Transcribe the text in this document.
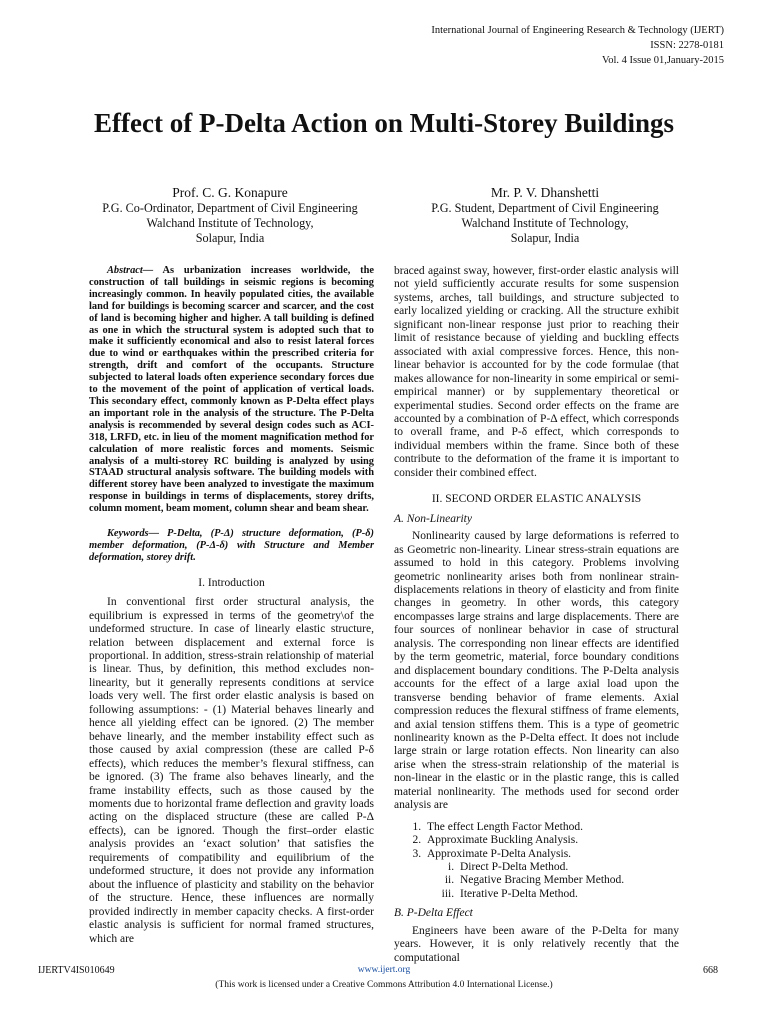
International Journal of Engineering Research & Technology (IJERT)
ISSN: 2278-0181
Vol. 4 Issue 01,January-2015
Effect of P-Delta Action on Multi-Storey Buildings
Prof. C. G. Konapure
P.G. Co-Ordinator, Department of Civil Engineering
Walchand Institute of Technology,
Solapur, India
Mr. P. V. Dhanshetti
P.G. Student, Department of Civil Engineering
Walchand Institute of Technology,
Solapur, India

Abstract— As urbanization increases worldwide, the construction of tall buildings in seismic regions is becoming increasingly common. In heavily populated cities, the available land for buildings is becoming scarcer and scarcer, and the cost of land is becoming higher and higher. A tall building is defined as one in which the structural system is adopted such that to make it sufficiently economical and also to resist lateral forces due to wind or earthquakes within the prescribed criteria for strength, drift and comfort of the occupants. Structure subjected to lateral loads often experience secondary forces due to the movement of the point of application of vertical loads. This secondary effect, commonly known as P-Delta effect plays an important role in the analysis of the structure. The P-Delta analysis is recommended by several design codes such as ACI-318, LRFD, etc. in lieu of the moment magnification method for calculation of more realistic forces and moments. Seismic analysis of a multi-storey RC building is analyzed by using STAAD structural analysis software. The building models with different storey have been analyzed to investigate the maximum response in buildings in terms of displacements, storey drifts, column moment, beam moment, column shear and beam shear.

Keywords— P-Delta, (P-Δ) structure deformation, (P-δ) member deformation, (P-Δ-δ) with Structure and Member deformation, storey drift.

I. Introduction

In conventional first order structural analysis, the equilibrium is expressed in terms of the geometry\of the undeformed structure. In case of linearly elastic structure, relation between displacement and external force is proportional. In addition, stress-strain relationship of material is linear. Thus, by definition, this method excludes non-linearity, but it generally represents conditions at service loads very well. The first order elastic analysis is based on following assumptions: - (1) Material behaves linearly and hence all yielding effect can be ignored. (2) The member behave linearly, and the member instability effect such as those caused by axial compression (these are called P-δ effects), which reduces the member’s flexural stiffness, can be ignored. (3) The frame also behaves linearly, and the frame instability effects, such as those caused by the moments due to horizontal frame deflection and gravity loads acting on the displaced structure (these are called P-Δ effects), can be ignored. Though the first–order elastic analysis provides an ‘exact solution’ that satisfies the requirements of compatibility and equilibrium of the undeformed structure, it does not provide any information about the influence of plasticity and stability on the behavior of the structure. Hence, these influences are normally provided indirectly in member capacity checks. A first-order elastic analysis is sufficient for normal framed structures, which are

braced against sway, however, first-order elastic analysis will not yield sufficiently accurate results for some suspension systems, arches, tall buildings, and structure subjected to early localized yielding or cracking. All the structure exhibit significant non-linear response just prior to reaching their limit of resistance because of yielding and buckling effects associated with axial compressive forces. Hence, this non-linear behavior is accounted for by the code formulae (that makes allowance for non-linearity in some empirical or semi-empirical manner) or by supplementary theoretical or experimental studies. Second order effects on the frame are accounted by a combination of P-Δ effect, which corresponds to overall frame, and P-δ effect, which corresponds to individual members within the frame. Since both of these contribute to the deformation of the frame it is important to consider their combined effect.

II. SECOND ORDER ELASTIC ANALYSIS

A. Non-Linearity

Nonlinearity caused by large deformations is referred to as Geometric non-linearity. Linear stress-strain equations are assumed to hold in this category. Problems involving geometric nonlinearity arises both from nonlinear strain-displacements relations in theory of elasticity and from finite changes in geometry. In other words, this category encompasses large strains and large displacements. There are four sources of nonlinear behavior in case of structural analysis. The corresponding non linear effects are identified by the term geometric, material, force boundary conditions and displacement boundary conditions. The P-Delta analysis accounts for the effect of a large axial load upon the transverse bending behavior of frame elements. Axial compression reduces the flexural stiffness of frame elements, and axial tension stiffens them. This is a type of geometric nonlinearity known as the P-Delta effect. It does not include large strain or large rotation effects. Non linearity can also arise when the stress-strain relationship of the material is non-linear in the elastic or in the plastic range, this is called material nonlinearity. The methods used for second order analysis are

1. The effect Length Factor Method.
2. Approximate Buckling Analysis.
3. Approximate P-Delta Analysis.
i. Direct P-Delta Method.
ii. Negative Bracing Member Method.
iii. Iterative P-Delta Method.

B. P-Delta Effect

Engineers have been aware of the P-Delta for many years. However, it is only relatively recently that the computational

IJERTV4IS010649	www.ijert.org	668
(This work is licensed under a Creative Commons Attribution 4.0 International License.)
